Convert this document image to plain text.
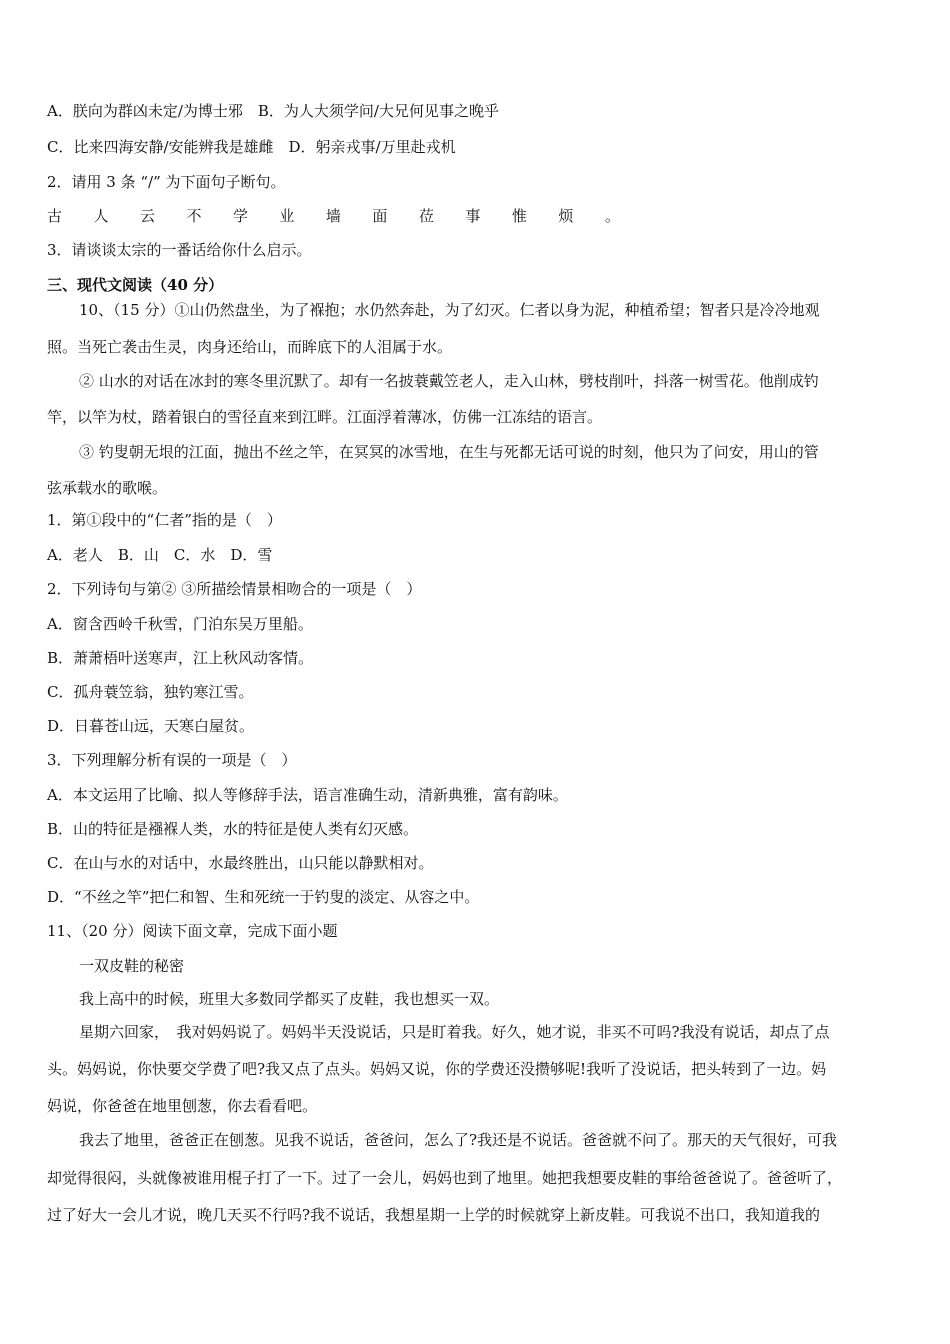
A．朕向为群凶未定/为博士邪　B．为人大须学问/大兄何见事之晚乎
C．比来四海安静/安能辨我是雄雌　D．躬亲戎事/万里赴戎机
2．请用 3 条 “/” 为下面句子断句。
古 人 云 不 学 业 墙 面 莅 事 惟 烦 。
3．请谈谈太宗的一番话给你什么启示。
三、现代文阅读（40 分）
10、（15 分）①山仍然盘坐，为了褓抱；水仍然奔赴，为了幻灭。仁者以身为泥，种植希望；智者只是冷冷地观
照。当死亡袭击生灵，肉身还给山，而眸底下的人泪属于水。
② 山水的对话在冰封的寒冬里沉默了。却有一名披蓑戴笠老人，走入山林，劈枝削叶，抖落一树雪花。他削成钓
竿，以竿为杖，踏着银白的雪径直来到江畔。江面浮着薄冰，仿佛一江冻结的语言。
③ 钓叟朝无垠的江面，抛出不丝之竿，在冥冥的冰雪地，在生与死都无话可说的时刻，他只为了问安，用山的管
弦承载水的歌喉。
1．第①段中的“仁者”指的是（　）
A．老人　B．山　C．水　D．雪
2．下列诗句与第② ③所描绘情景相吻合的一项是（　）
A．窗含西岭千秋雪，门泊东吴万里船。
B．萧萧梧叶送寒声，江上秋风动客情。
C．孤舟蓑笠翁，独钓寒江雪。
D．日暮苍山远，天寒白屋贫。
3．下列理解分析有误的一项是（　）
A．本文运用了比喻、拟人等修辞手法，语言准确生动，清新典雅，富有韵味。
B．山的特征是襁褓人类，水的特征是使人类有幻灭感。
C．在山与水的对话中，水最终胜出，山只能以静默相对。
D．“不丝之竿”把仁和智、生和死统一于钓叟的淡定、从容之中。
11、（20 分）阅读下面文章，完成下面小题
一双皮鞋的秘密
我上高中的时候，班里大多数同学都买了皮鞋，我也想买一双。
星期六回家，　我对妈妈说了。妈妈半天没说话，只是盯着我。好久，她才说，非买不可吗?我没有说话，却点了点
头。妈妈说，你快要交学费了吧?我又点了点头。妈妈又说，你的学费还没攒够呢!我听了没说话，把头转到了一边。妈
妈说，你爸爸在地里刨葱，你去看看吧。
我去了地里，爸爸正在刨葱。见我不说话，爸爸问，怎么了?我还是不说话。爸爸就不问了。那天的天气很好，可我
却觉得很闷，头就像被谁用棍子打了一下。过了一会儿，妈妈也到了地里。她把我想要皮鞋的事给爸爸说了。爸爸听了，
过了好大一会儿才说，晚几天买不行吗?我不说话，我想星期一上学的时候就穿上新皮鞋。可我说不出口，我知道我的
